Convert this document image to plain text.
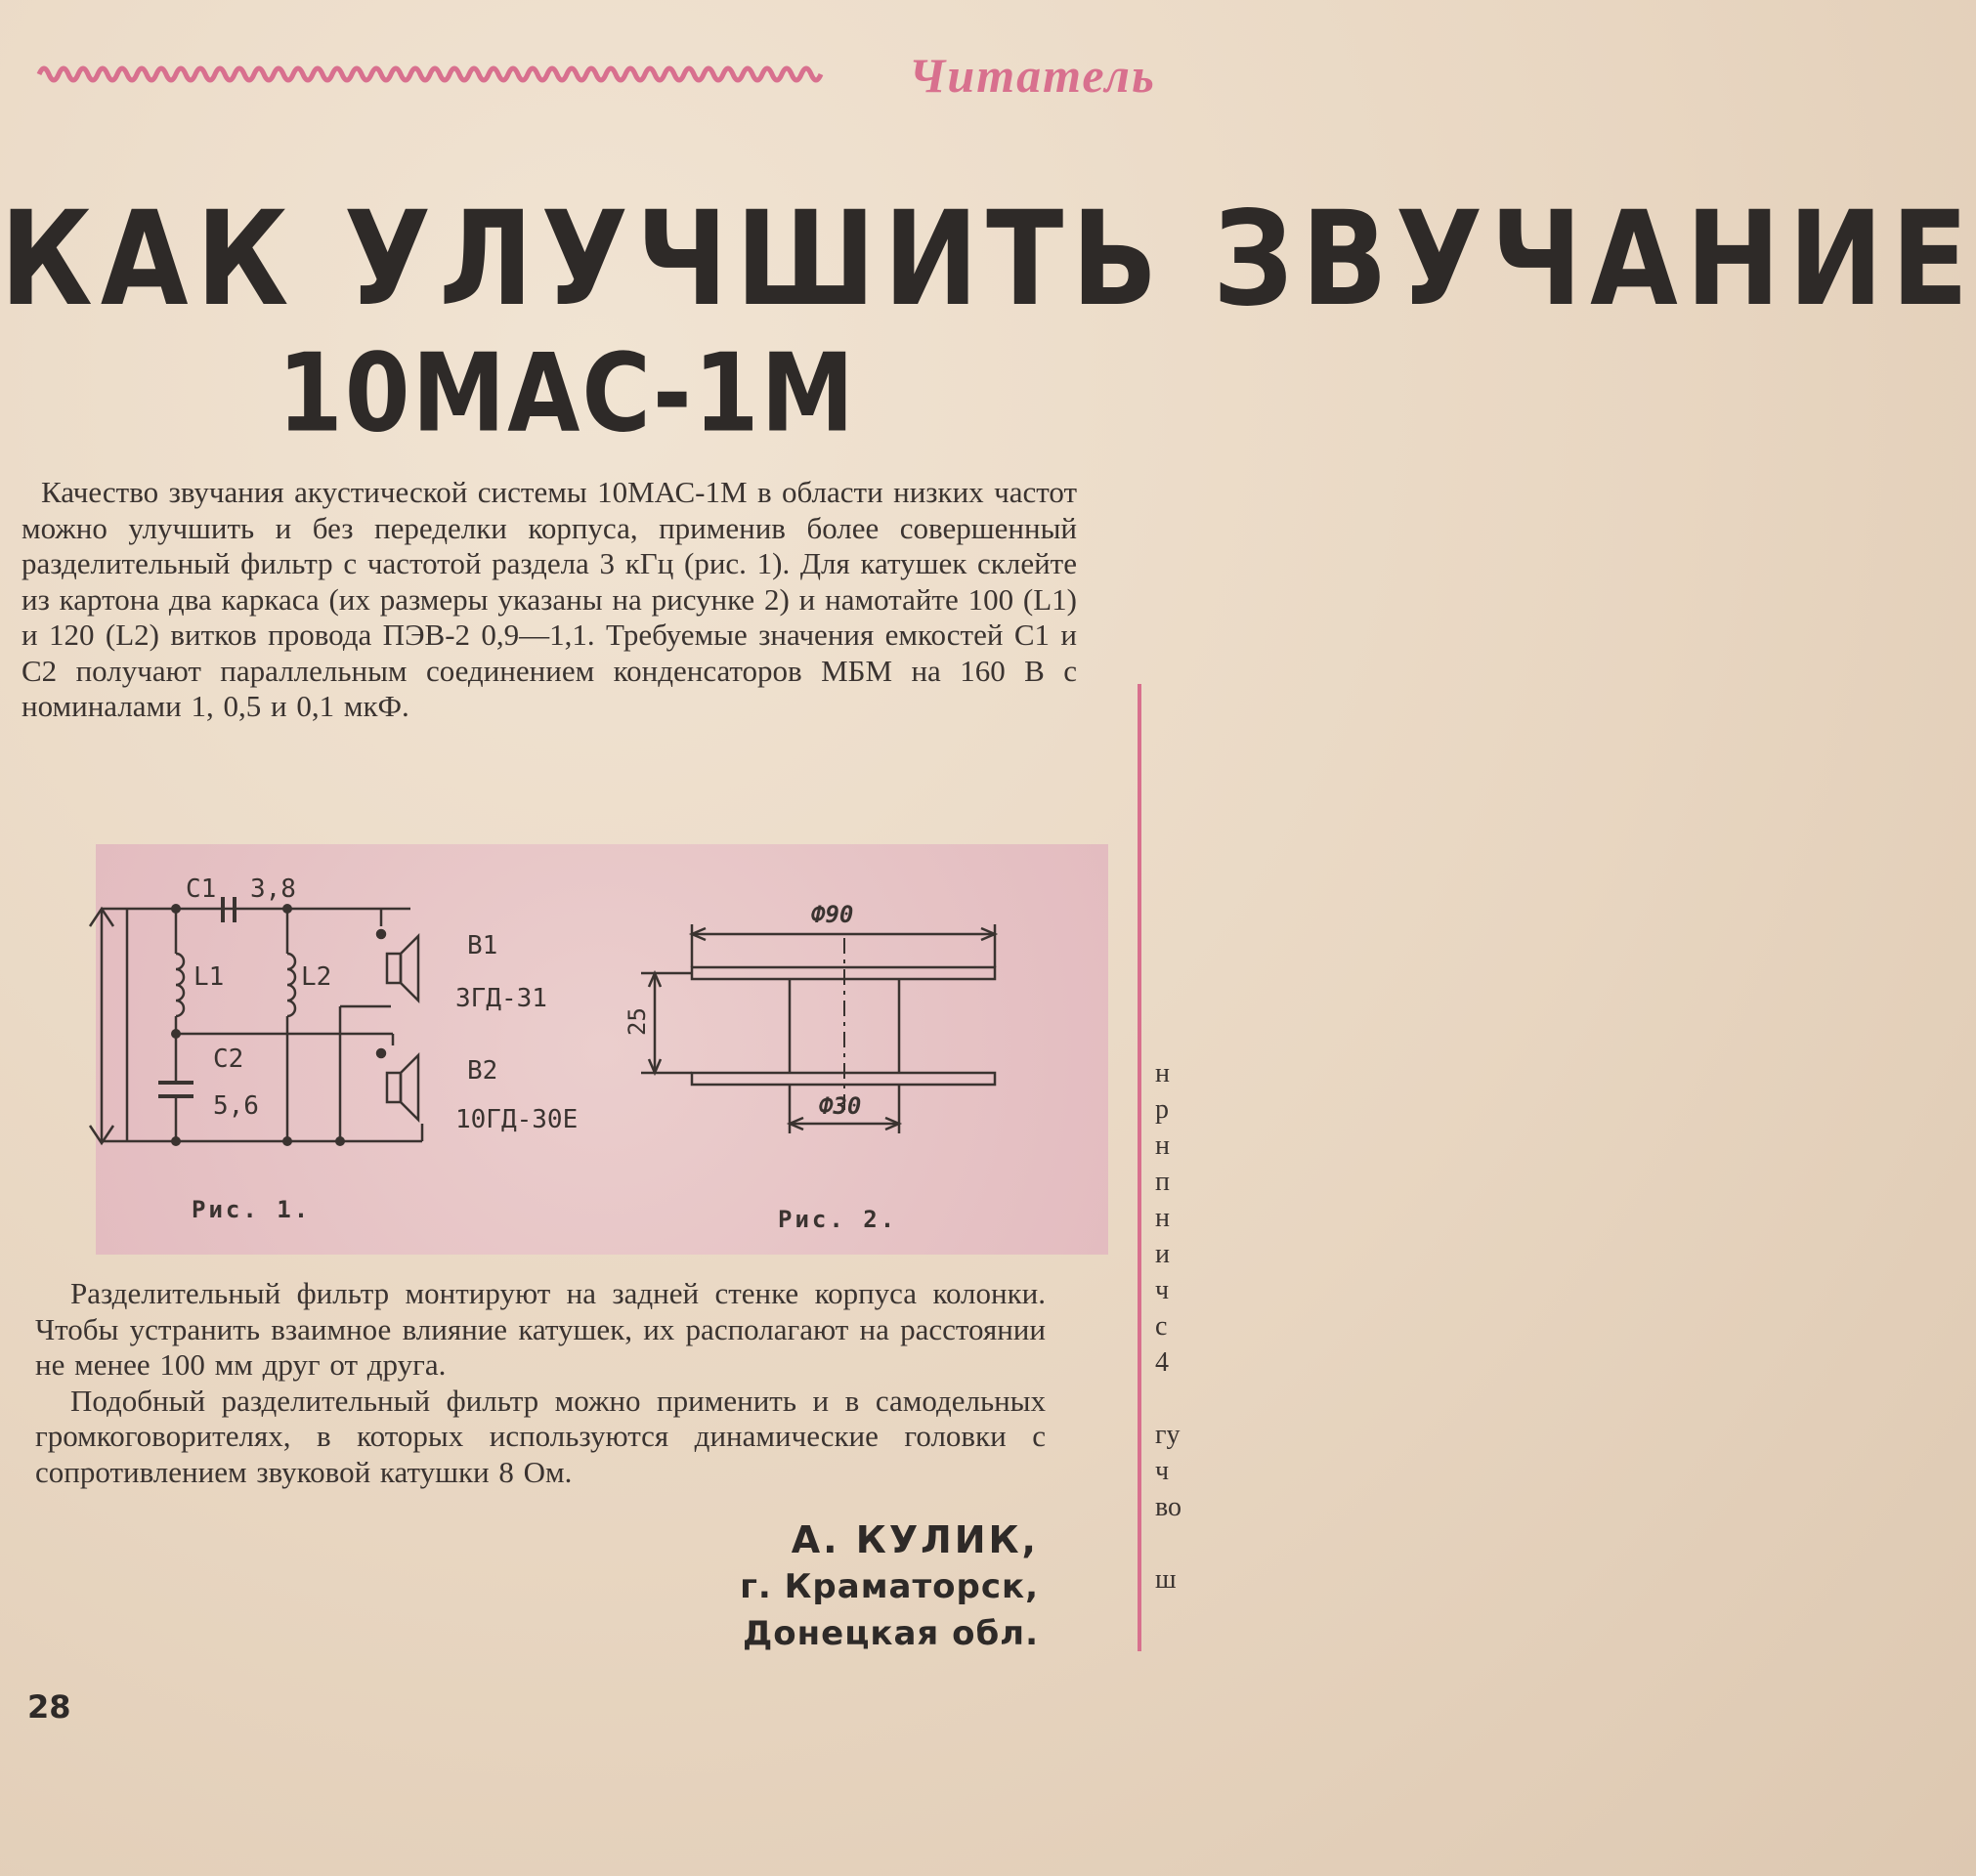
Читатель
КАК УЛУЧШИТЬ ЗВУЧАНИЕ
10МАС-1М

Качество звучания акустической системы 10МАС-1М в области низких частот можно улучшить и без переделки корпуса, применив более совершенный разделительный фильтр с частотой раздела 3 кГц (рис. 1). Для катушек склейте из картона два каркаса (их размеры указаны на рисунке 2) и намотайте 100 (L1) и 120 (L2) витков провода ПЭВ-2 0,9—1,1. Требуемые значения емкостей С1 и С2 получают параллельным соединением конденсаторов МБМ на 160 В с номиналами 1, 0,5 и 0,1 мкФ.

C1 3,8
L1	L2
C2
5,6
B1
3ГД-31
B2
10ГД-30Е
Рис. 1.
Ф90
Ф30
25
Рис. 2.

Разделительный фильтр монтируют на задней стенке корпуса колонки. Чтобы устранить взаимное влияние катушек, их располагают на расстоянии не менее 100 мм друг от друга.

Подобный разделительный фильтр можно применить и в самодельных громкоговорителях, в которых используются динамические головки с сопротивлением звуковой катушки 8 Ом.

А. КУЛИК,
г. Краматорск,
Донецкая обл.
28
н
р
н
п
н
и
ч
с
4

гу
ч
во

ш
